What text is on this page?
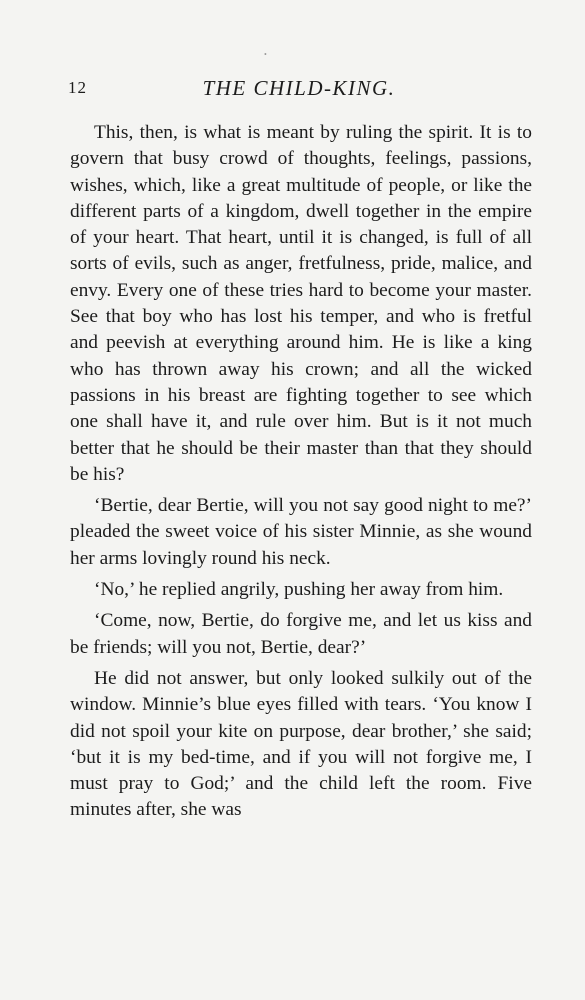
•
12	THE CHILD-KING.

This, then, is what is meant by ruling the spirit. It is to govern that busy crowd of thoughts, feelings, passions, wishes, which, like a great multitude of people, or like the different parts of a kingdom, dwell together in the empire of your heart. That heart, until it is changed, is full of all sorts of evils, such as anger, fretfulness, pride, malice, and envy. Every one of these tries hard to become your master. See that boy who has lost his temper, and who is fretful and peevish at everything around him. He is like a king who has thrown away his crown; and all the wicked passions in his breast are fighting together to see which one shall have it, and rule over him. But is it not much better that he should be their master than that they should be his?

‘Bertie, dear Bertie, will you not say good night to me?’ pleaded the sweet voice of his sister Minnie, as she wound her arms lovingly round his neck.

‘No,’ he replied angrily, pushing her away from him.

‘Come, now, Bertie, do forgive me, and let us kiss and be friends; will you not, Bertie, dear?’

He did not answer, but only looked sulkily out of the window. Minnie’s blue eyes filled with tears. ‘You know I did not spoil your kite on purpose, dear brother,’ she said; ‘but it is my bed-time, and if you will not forgive me, I must pray to God;’ and the child left the room. Five minutes after, she was
